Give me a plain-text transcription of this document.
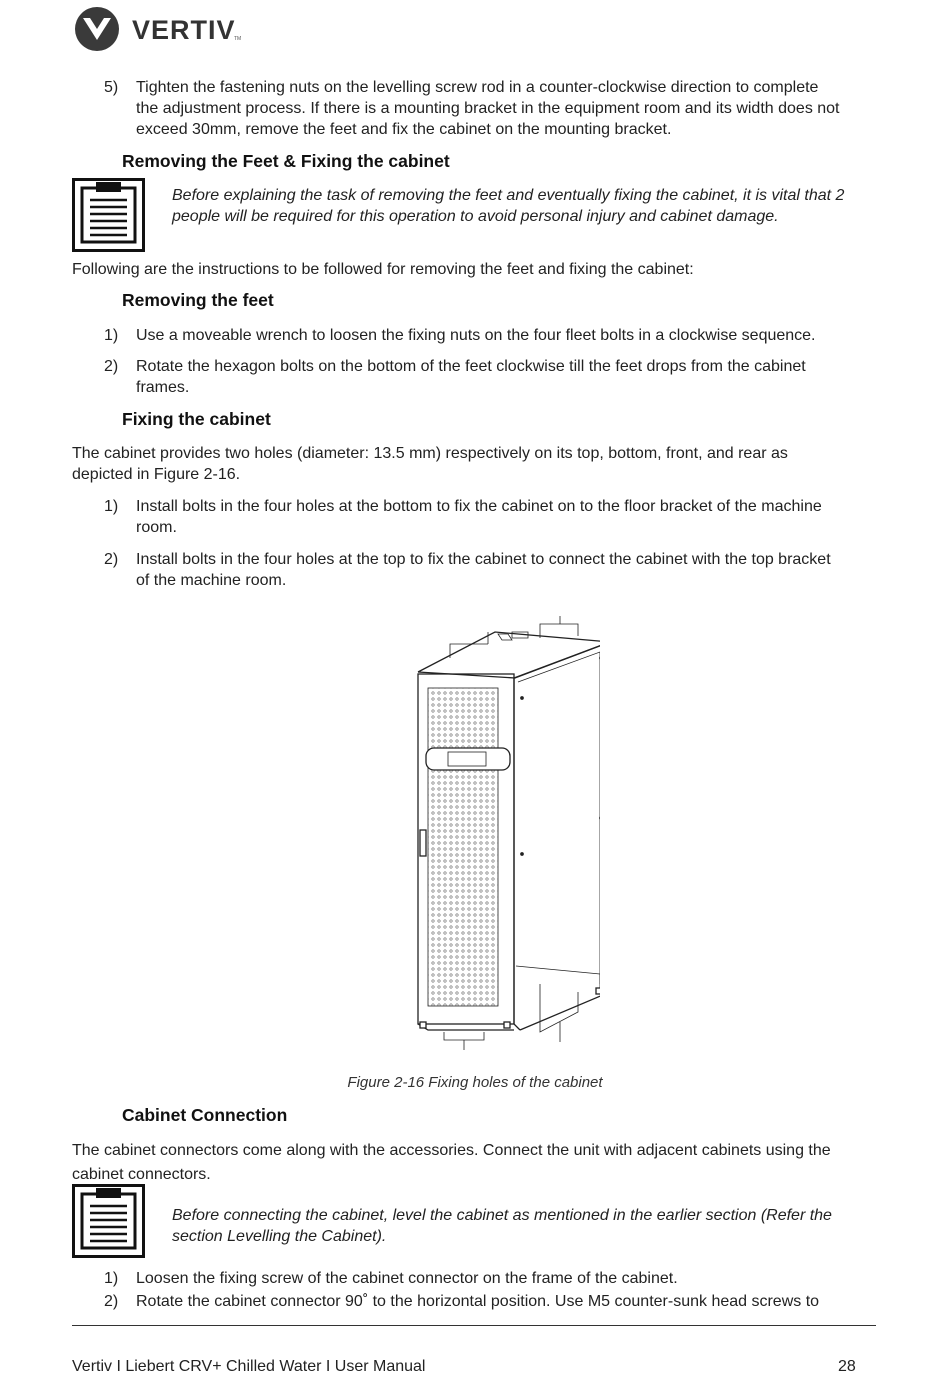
VERTIV
TM
5)	Tighten the fastening nuts on the levelling screw rod in a counter-clockwise direction to complete
the adjustment process. If there is a mounting bracket in the equipment room and its width does not
exceed 30mm, remove the feet and fix the cabinet on the mounting bracket.
Removing the Feet & Fixing the cabinet
Before explaining the task of removing the feet and eventually fixing the cabinet, it is vital that 2
people will be required for this operation to avoid personal injury and cabinet damage.
Following are the instructions to be followed for removing the feet and fixing the cabinet:
Removing the feet
1)	Use a moveable wrench to loosen the fixing nuts on the four fleet bolts in a clockwise sequence.
2)	Rotate the hexagon bolts on the bottom of the feet clockwise till the feet drops from the cabinet
frames.
Fixing the cabinet
The cabinet provides two holes (diameter: 13.5 mm) respectively on its top, bottom, front, and rear as
depicted in Figure 2-16.
1)	Install bolts in the four holes at the bottom to fix the cabinet on to the floor bracket of the machine
room.
2)	Install bolts in the four holes at the top to fix the cabinet to connect the cabinet with the top bracket
of the machine room.
Figure 2-16 Fixing holes of the cabinet
Cabinet Connection
The cabinet connectors come along with the accessories. Connect the unit with adjacent cabinets using the
cabinet connectors.
Before connecting the cabinet, level the cabinet as mentioned in the earlier section (Refer the
section Levelling the Cabinet).
1)	Loosen the fixing screw of the cabinet connector on the frame of the cabinet.
2)	Rotate the cabinet connector 90˚ to the horizontal position. Use M5 counter-sunk head screws to
Vertiv I Liebert CRV+ Chilled Water I User Manual	28
